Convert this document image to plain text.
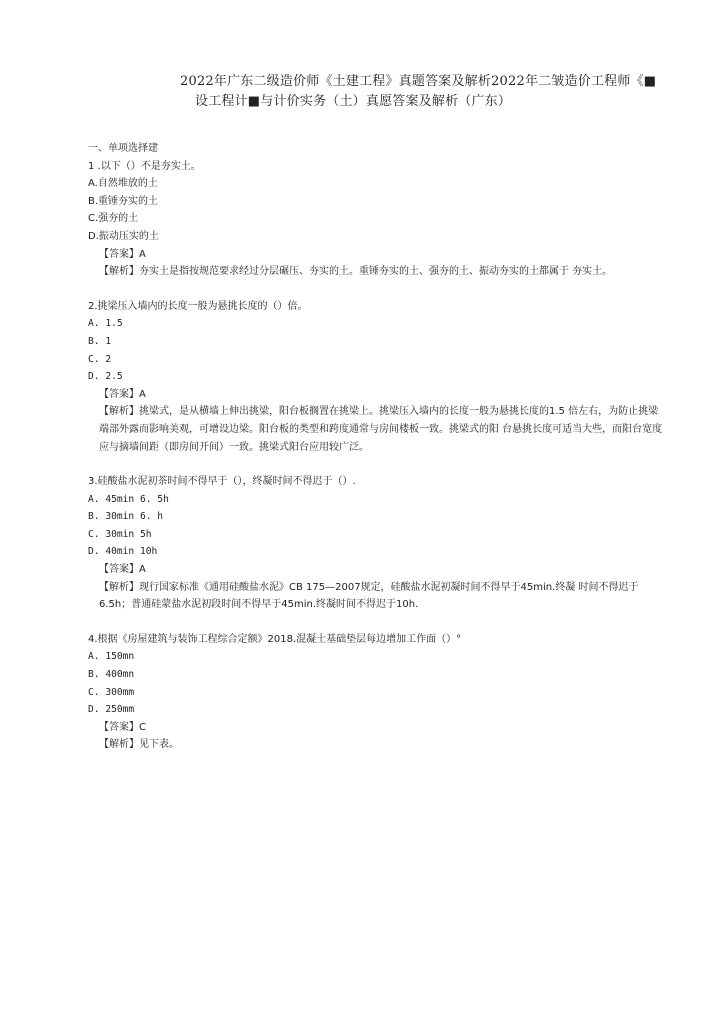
2022年广东二级造价师《土建工程》真题答案及解析2022年二皱造价工程师《■
设工程计■与计价实务（土）真愿答案及解析（广东）
一、单项选择建
1 .以下（）不是夯实土。
A.自然堆放的土
B.重锤夯实的土
C.强夯的土
D.振动压实的土
【答案】A
【解析】夯实土是指按规范要求经过分层碾压、夯实的土。重锤夯实的土、强夯的土、振动夯实的土都属于 夯实土。
2.挑梁压入墙内的长度一般为悬挑长度的（）倍。
A. 1.5
B. 1
C. 2
D. 2.5
【答案】A
【解析】挑梁式，是从横墙上伸出挑梁，阳台板搁置在挑梁上。挑梁压入墙内的长度一般为悬挑长度的1.5 倍左右，为防止挑梁端部外露而影响美观，可增设边梁。阳台板的类型和跨度通常与房间楼板一致。挑梁式的阳 台悬挑长度可适当大些，而阳台宽度应与摘墙间距（即房间开间）一致。挑梁式阳台应用较广泛。
3.硅酸盐水泥初茶时间不得早于（），终凝时间不得迟于（）.
A. 45min 6. 5h
B. 30min 6. h
C. 30min 5h
D. 40min 10h
【答案】A
【解析】现行国家标准《通用硅酸盐水泥》CB 175—2007规定，硅酸盐水泥初凝时间不得早于45min.终凝 时间不得迟于6.5h；普通硅蒙盐水泥初段时间不得早于45min.终凝时间不得迟于10h.
4.根据《房屋建筑与装饰工程综合定额》2018.混凝土基础垫层每边增加工作面（）°
A. 150mn
B. 400mn
C. 300mm
D. 250mm
【答案】C
【解析】见下表。
